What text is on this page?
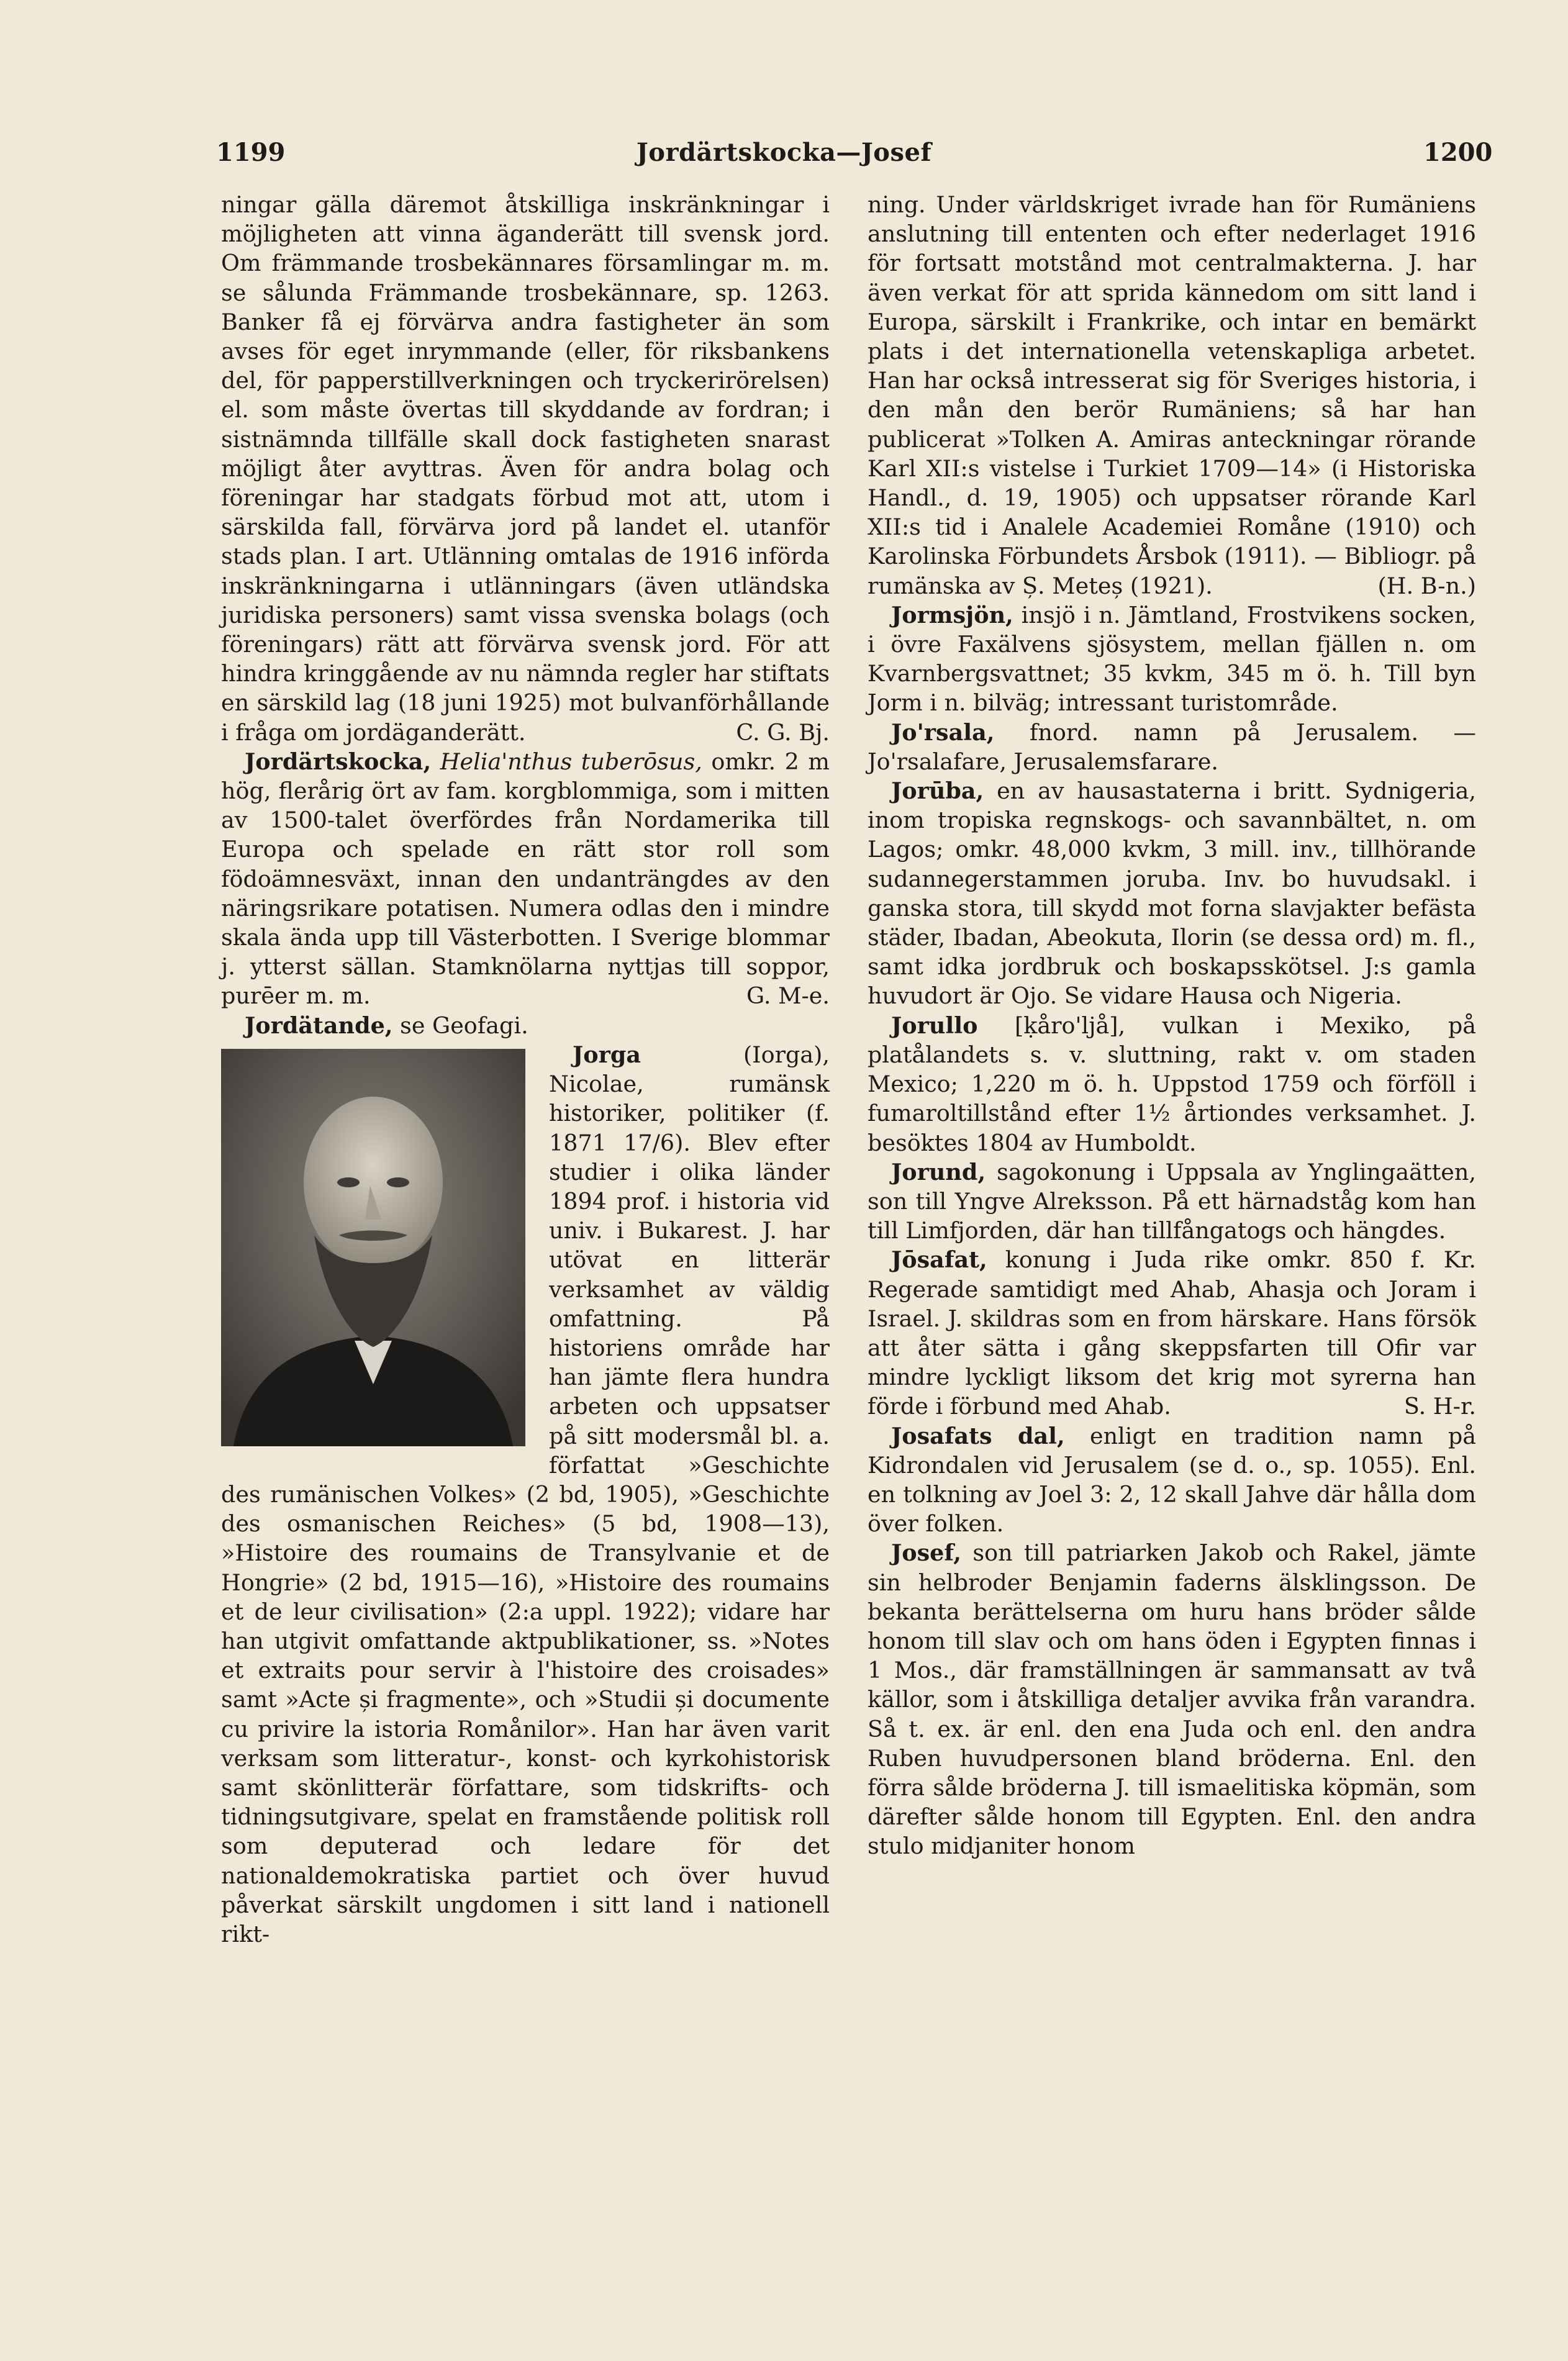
1199	Jordärtskocka—Josef	1200

ningar gälla däremot åtskilliga inskränkningar i möjligheten att vinna äganderätt till svensk jord. Om främmande trosbekännares församlingar m. m. se sålunda Främmande trosbekännare, sp. 1263. Banker få ej förvärva andra fastigheter än som avses för eget inrymmande (eller, för riksbankens del, för papperstillverkningen och tryckerirörelsen) el. som måste övertas till skyddande av fordran; i sistnämnda tillfälle skall dock fastigheten snarast möjligt åter avyttras. Även för andra bolag och föreningar har stadgats förbud mot att, utom i särskilda fall, förvärva jord på landet el. utanför stads plan. I art. Utlänning omtalas de 1916 införda inskränkningarna i utlänningars (även utländska juridiska personers) samt vissa svenska bolags (och föreningars) rätt att förvärva svensk jord. För att hindra kringgående av nu nämnda regler har stiftats en särskild lag (18 juni 1925) mot bulvanförhållande i fråga om jordäganderätt.	C. G. Bj.

Jordärtskocka, Helia'nthus tuberōsus, omkr. 2 m hög, flerårig ört av fam. korgblommiga, som i mitten av 1500-talet överfördes från Nordamerika till Europa och spelade en rätt stor roll som födoämnesväxt, innan den undanträngdes av den näringsrikare potatisen. Numera odlas den i mindre skala ända upp till Västerbotten. I Sverige blommar j. ytterst sällan. Stamknölarna nyttjas till soppor, purēer m. m.	G. M-e.

Jordätande, se Geofagi.

Jorga (Iorga), Nicolae, rumänsk historiker, politiker (f. 1871 17/6). Blev efter studier i olika länder 1894 prof. i historia vid univ. i Bukarest. J. har utövat en litterär verksamhet av väldig omfattning. På historiens område har han jämte flera hundra arbeten och uppsatser på sitt modersmål bl. a. författat »Geschichte des rumänischen Volkes» (2 bd, 1905), »Geschichte des osmanischen Reiches» (5 bd, 1908—13), »Histoire des roumains de Transylvanie et de Hongrie» (2 bd, 1915—16), »Histoire des roumains et de leur civilisation» (2:a uppl. 1922); vidare har han utgivit omfattande aktpublikationer, ss. »Notes et extraits pour servir à l'histoire des croisades» samt »Acte și fragmente», och »Studii și documente cu privire la istoria Romånilor». Han har även varit verksam som litteratur-, konst- och kyrkohistorisk samt skönlitterär författare, som tidskrifts- och tidningsutgivare, spelat en framstående politisk roll som deputerad och ledare för det nationaldemokratiska partiet och över huvud påverkat särskilt ungdomen i sitt land i nationell rikt-

ning. Under världskriget ivrade han för Rumäniens anslutning till ententen och efter nederlaget 1916 för fortsatt motstånd mot centralmakterna. J. har även verkat för att sprida kännedom om sitt land i Europa, särskilt i Frankrike, och intar en bemärkt plats i det internationella vetenskapliga arbetet. Han har också intresserat sig för Sveriges historia, i den mån den berör Rumäniens; så har han publicerat »Tolken A. Amiras anteckningar rörande Karl XII:s vistelse i Turkiet 1709—14» (i Historiska Handl., d. 19, 1905) och uppsatser rörande Karl XII:s tid i Analele Academiei Romåne (1910) och Karolinska Förbundets Årsbok (1911). — Bibliogr. på rumänska av Ș. Meteș (1921).	(H. B-n.)

Jormsjön, insjö i n. Jämtland, Frostvikens socken, i övre Faxälvens sjösystem, mellan fjällen n. om Kvarnbergsvattnet; 35 kvkm, 345 m ö. h. Till byn Jorm i n. bilväg; intressant turistområde.

Jo'rsala, fnord. namn på Jerusalem. — Jo'rsalafare, Jerusalemsfarare.

Jorūba, en av hausastaterna i britt. Sydnigeria, inom tropiska regnskogs- och savannbältet, n. om Lagos; omkr. 48,000 kvkm, 3 mill. inv., tillhörande sudannegerstammen joruba. Inv. bo huvudsakl. i ganska stora, till skydd mot forna slavjakter befästa städer, Ibadan, Abeokuta, Ilorin (se dessa ord) m. fl., samt idka jordbruk och boskapsskötsel. J:s gamla huvudort är Ojo. Se vidare Hausa och Nigeria.

Jorullo [ḳåro'ljå], vulkan i Mexiko, på platålandets s. v. sluttning, rakt v. om staden Mexico; 1,220 m ö. h. Uppstod 1759 och förföll i fumaroltillstånd efter 1½ årtiondes verksamhet. J. besöktes 1804 av Humboldt.

Jorund, sagokonung i Uppsala av Ynglingaätten, son till Yngve Alreksson. På ett härnadståg kom han till Limfjorden, där han tillfångatogs och hängdes.

Jōsafat, konung i Juda rike omkr. 850 f. Kr. Regerade samtidigt med Ahab, Ahasja och Joram i Israel. J. skildras som en from härskare. Hans försök att åter sätta i gång skeppsfarten till Ofir var mindre lyckligt liksom det krig mot syrerna han förde i förbund med Ahab.	S. H-r.

Josafats dal, enligt en tradition namn på Kidrondalen vid Jerusalem (se d. o., sp. 1055). Enl. en tolkning av Joel 3: 2, 12 skall Jahve där hålla dom över folken.

Josef, son till patriarken Jakob och Rakel, jämte sin helbroder Benjamin faderns älsklingsson. De bekanta berättelserna om huru hans bröder sålde honom till slav och om hans öden i Egypten finnas i 1 Mos., där framställningen är sammansatt av två källor, som i åtskilliga detaljer avvika från varandra. Så t. ex. är enl. den ena Juda och enl. den andra Ruben huvudpersonen bland bröderna. Enl. den förra sålde bröderna J. till ismaelitiska köpmän, som därefter sålde honom till Egypten. Enl. den andra stulo midjaniter honom
